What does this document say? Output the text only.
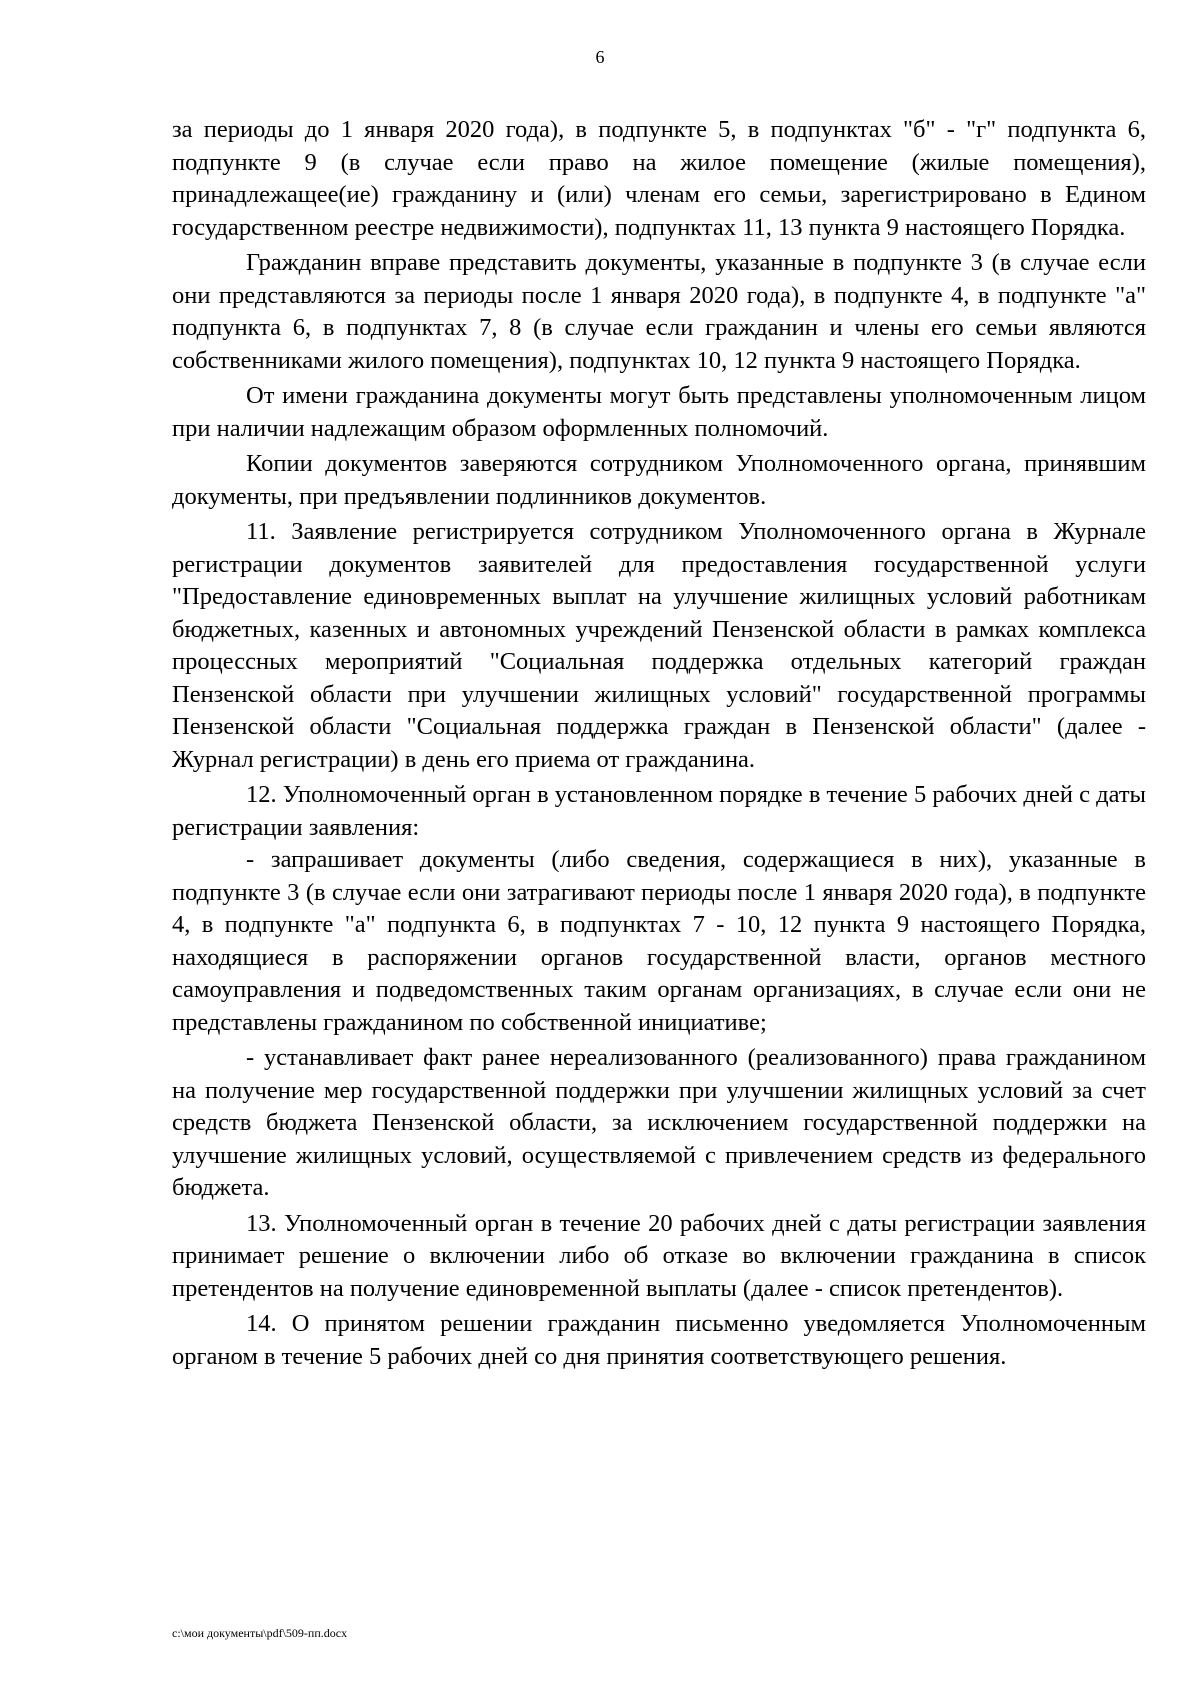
6

за периоды до 1 января 2020 года), в подпункте 5, в подпунктах "б" - "г" подпункта 6, подпункте 9 (в случае если право на жилое помещение (жилые помещения), принадлежащее(ие) гражданину и (или) членам его семьи, зарегистрировано в Едином государственном реестре недвижимости), подпунктах 11, 13 пункта 9 настоящего Порядка.

Гражданин вправе представить документы, указанные в подпункте 3 (в случае если они представляются за периоды после 1 января 2020 года), в подпункте 4, в подпункте "а" подпункта 6, в подпунктах 7, 8 (в случае если гражданин и члены его семьи являются собственниками жилого помещения), подпунктах 10, 12 пункта 9 настоящего Порядка.

От имени гражданина документы могут быть представлены уполномоченным лицом при наличии надлежащим образом оформленных полномочий.

Копии документов заверяются сотрудником Уполномоченного органа, принявшим документы, при предъявлении подлинников документов.

11. Заявление регистрируется сотрудником Уполномоченного органа в Журнале регистрации документов заявителей для предоставления государственной услуги "Предоставление единовременных выплат на улучшение жилищных условий работникам бюджетных, казенных и автономных учреждений Пензенской области в рамках комплекса процессных мероприятий "Социальная поддержка отдельных категорий граждан Пензенской области при улучшении жилищных условий" государственной программы Пензенской области "Социальная поддержка граждан в Пензенской области" (далее - Журнал регистрации) в день его приема от гражданина.

12. Уполномоченный орган в установленном порядке в течение 5 рабочих дней с даты регистрации заявления:

- запрашивает документы (либо сведения, содержащиеся в них), указанные в подпункте 3 (в случае если они затрагивают периоды после 1 января 2020 года), в подпункте 4, в подпункте "а" подпункта 6, в подпунктах 7 - 10, 12 пункта 9 настоящего Порядка, находящиеся в распоряжении органов государственной власти, органов местного самоуправления и подведомственных таким органам организациях, в случае если они не представлены гражданином по собственной инициативе;

- устанавливает факт ранее нереализованного (реализованного) права гражданином на получение мер государственной поддержки при улучшении жилищных условий за счет средств бюджета Пензенской области, за исключением государственной поддержки на улучшение жилищных условий, осуществляемой с привлечением средств из федерального бюджета.

13. Уполномоченный орган в течение 20 рабочих дней с даты регистрации заявления принимает решение о включении либо об отказе во включении гражданина в список претендентов на получение единовременной выплаты (далее - список претендентов).

14. О принятом решении гражданин письменно уведомляется Уполномоченным органом в течение 5 рабочих дней со дня принятия соответствующего решения.

c:\мои документы\pdf\509-пп.docx
